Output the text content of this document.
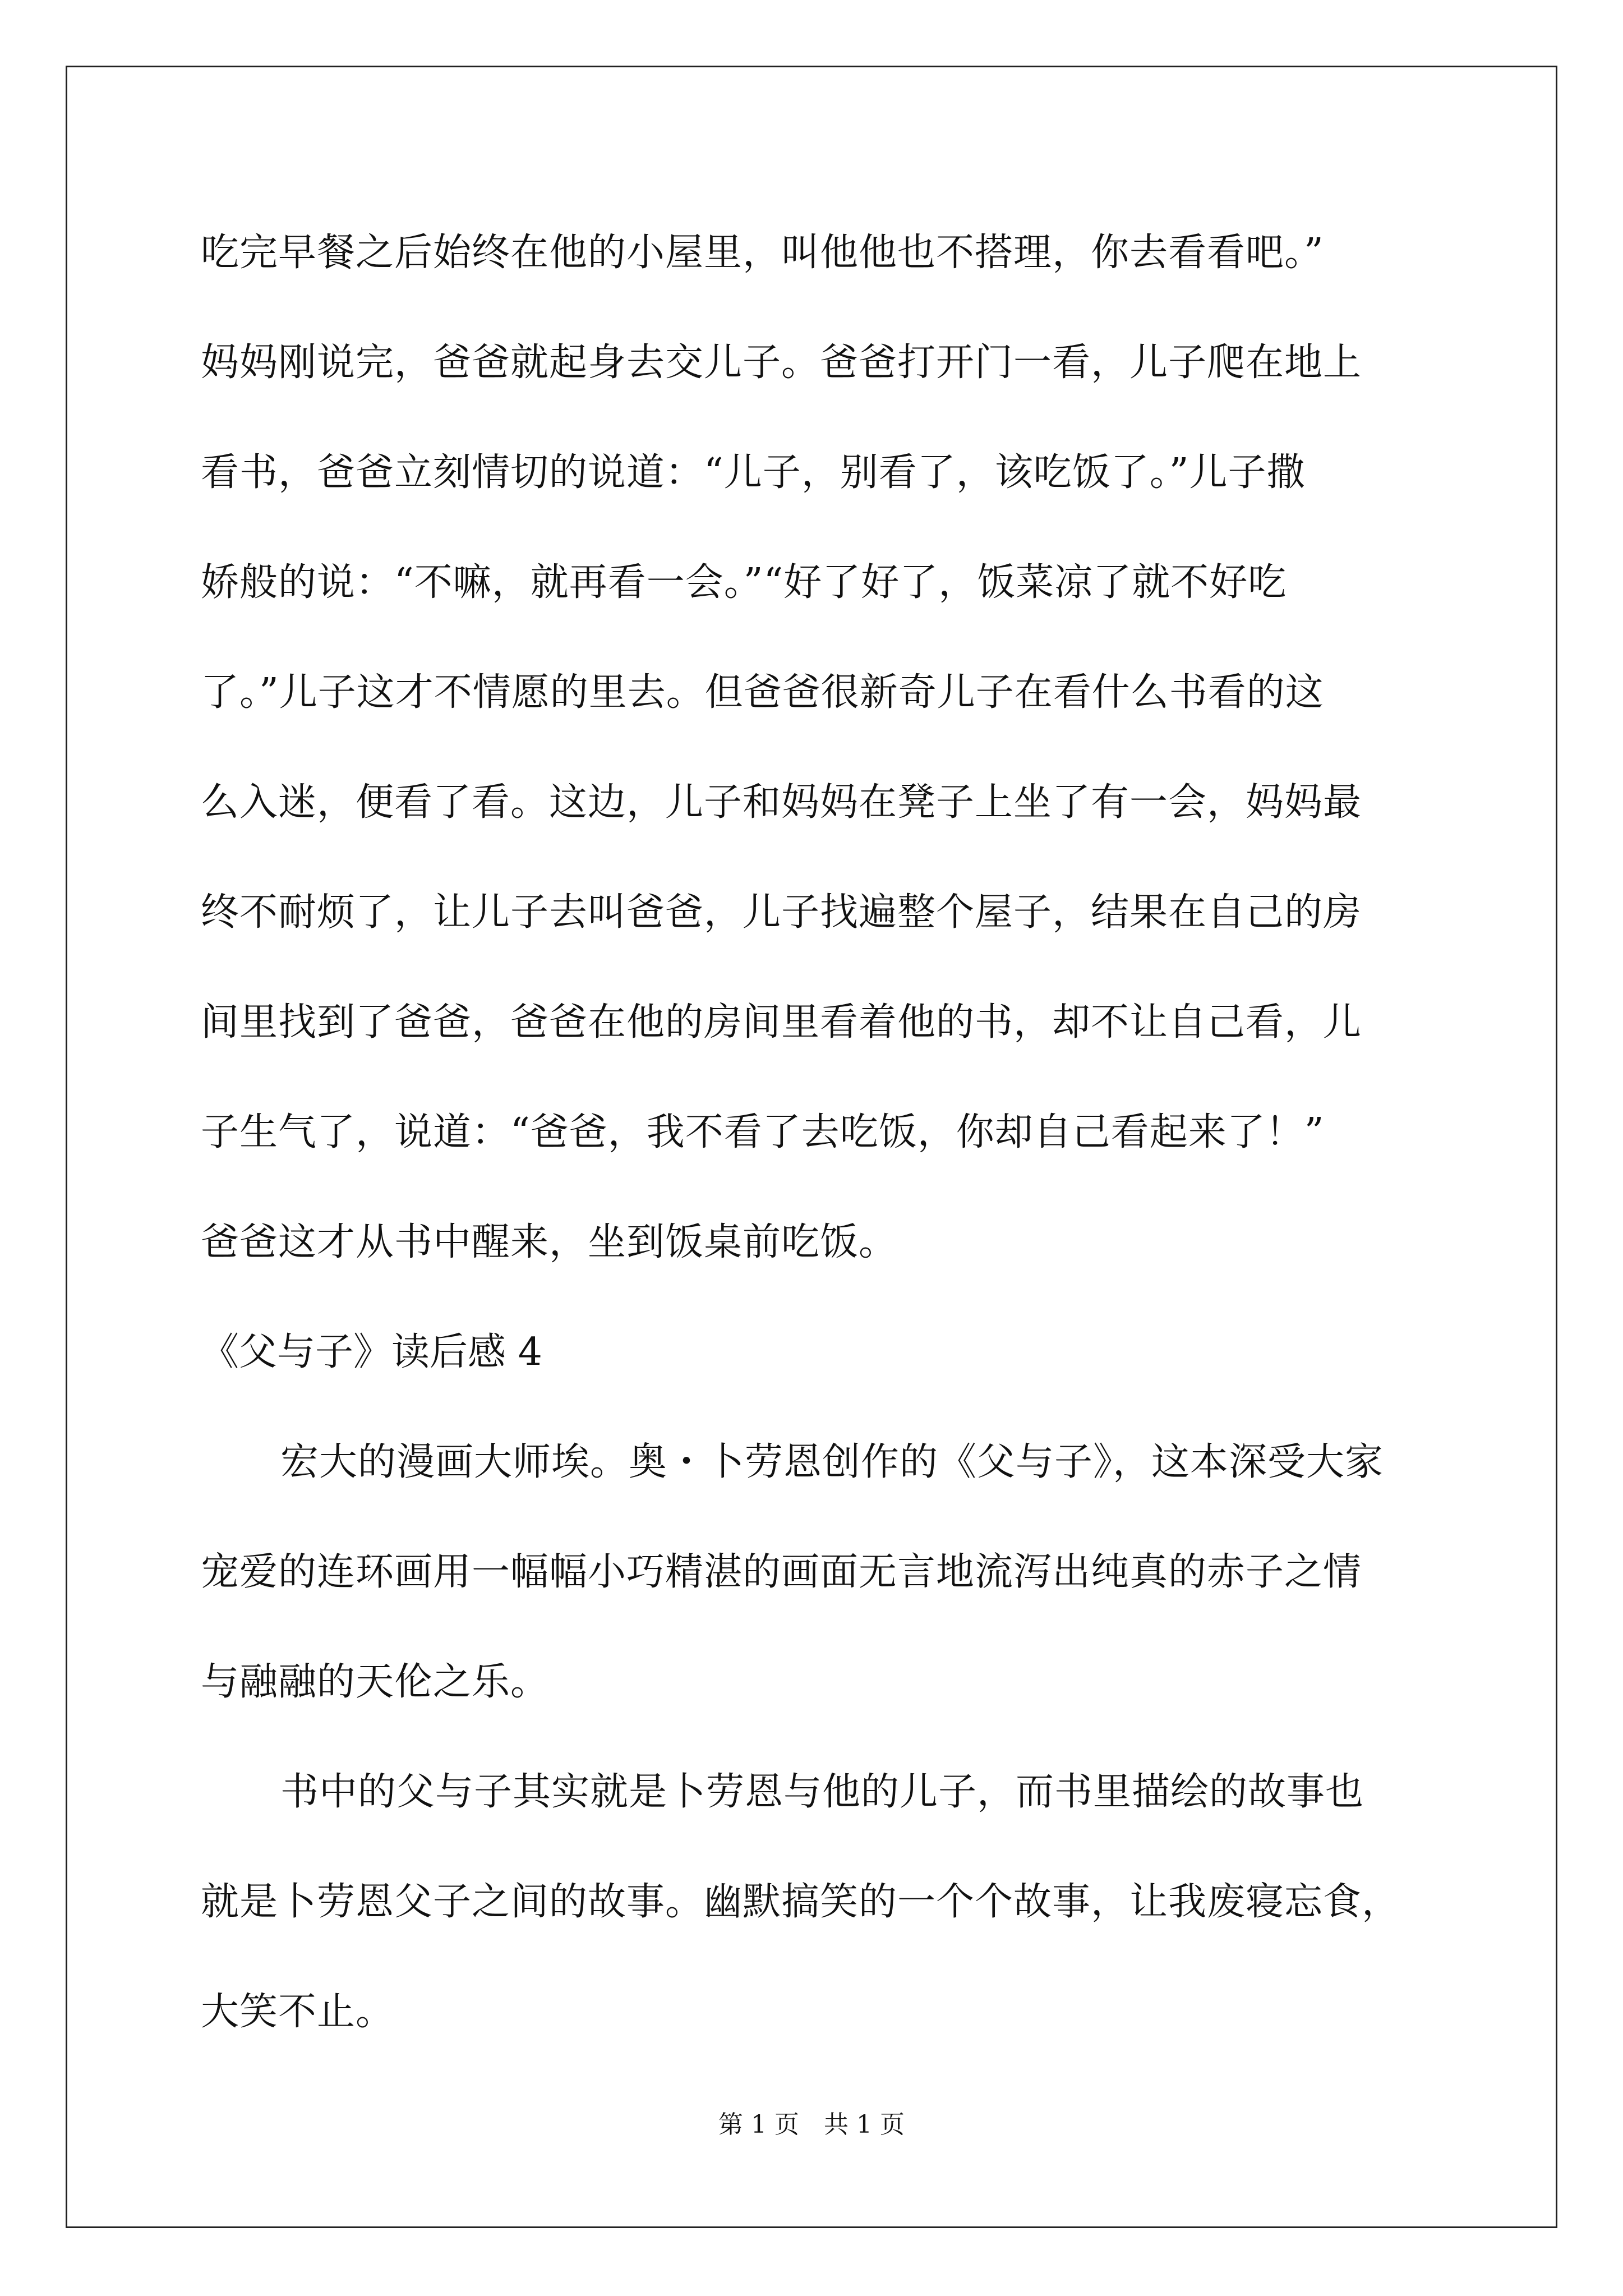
吃完早餐之后始终在他的小屋里，叫他他也不搭理，你去看看吧。”
妈妈刚说完，爸爸就起身去交儿子。爸爸打开门一看，儿子爬在地上
看书，爸爸立刻情切的说道：“儿子，别看了，该吃饭了。”儿子撒
娇般的说：“不嘛，就再看一会。”“好了好了，饭菜凉了就不好吃
了。”儿子这才不情愿的里去。但爸爸很新奇儿子在看什么书看的这
么入迷，便看了看。这边，儿子和妈妈在凳子上坐了有一会，妈妈最
终不耐烦了，让儿子去叫爸爸，儿子找遍整个屋子，结果在自己的房
间里找到了爸爸，爸爸在他的房间里看着他的书，却不让自己看，儿
子生气了，说道：“爸爸，我不看了去吃饭，你却自己看起来了！”
爸爸这才从书中醒来，坐到饭桌前吃饭。
《父与子》读后感 4
宏大的漫画大师埃。奥・卜劳恩创作的《父与子》，这本深受大家
宠爱的连环画用一幅幅小巧精湛的画面无言地流泻出纯真的赤子之情
与融融的天伦之乐。
书中的父与子其实就是卜劳恩与他的儿子，而书里描绘的故事也
就是卜劳恩父子之间的故事。幽默搞笑的一个个故事，让我废寝忘食，
大笑不止。
第 1 页　共 1 页
